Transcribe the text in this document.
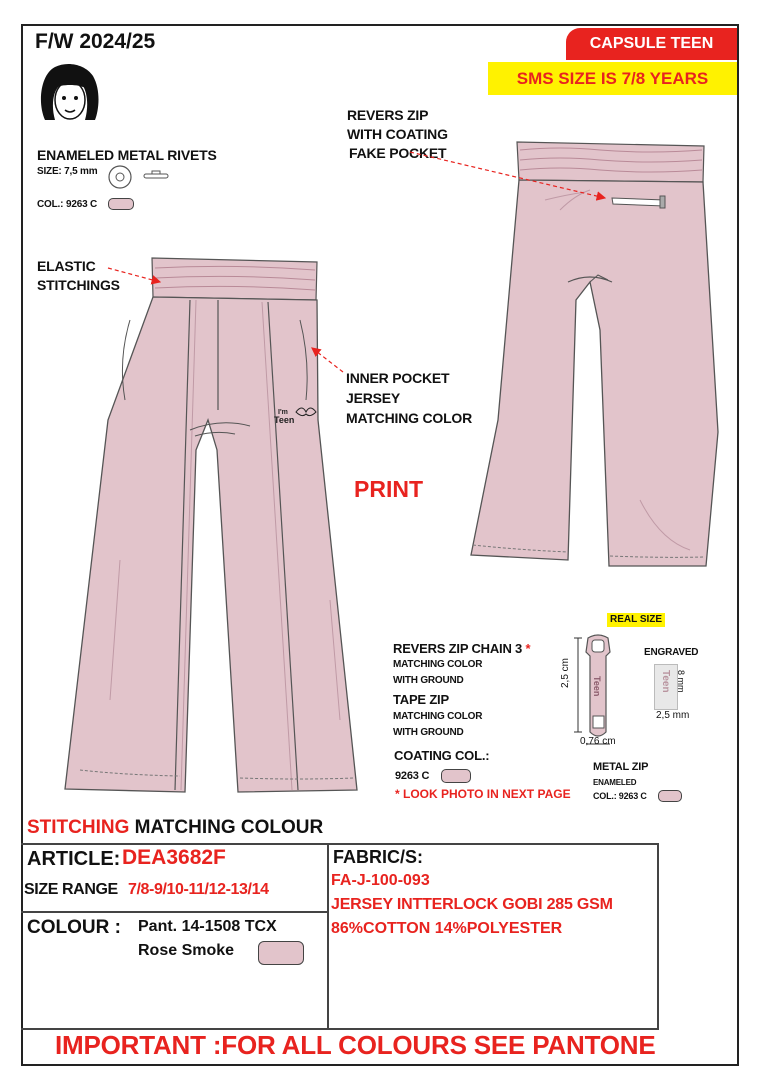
F/W 2024/25	CAPSULE TEEN
SMS SIZE IS 7/8 YEARS
ENAMELED METAL RIVETS
SIZE: 7,5 mm
COL.: 9263 C
REVERS ZIP
WITH COATING
FAKE POCKET
ELASTIC
STITCHINGS
INNER POCKET
JERSEY
MATCHING COLOR
PRINT
I'm
Teen
REAL SIZE
REVERS ZIP CHAIN 3 *
MATCHING COLOR
WITH GROUND
TAPE ZIP
MATCHING COLOR
WITH GROUND
COATING COL.:
9263 C
* LOOK PHOTO IN NEXT PAGE
Teen
2,5 cm
0,76 cm
ENGRAVED
Teen 8 mm
2,5 mm
METAL ZIP
ENAMELED
COL.: 9263 C
STITCHING MATCHING COLOUR
ARTICLE: DEA3682F
SIZE RANGE 7/8-9/10-11/12-13/14
COLOUR : Pant. 14-1508 TCX
Rose Smoke
FABRIC/S:
FA-J-100-093
JERSEY INTTERLOCK GOBI 285 GSM
86%COTTON 14%POLYESTER
IMPORTANT :FOR ALL COLOURS SEE PANTONE
